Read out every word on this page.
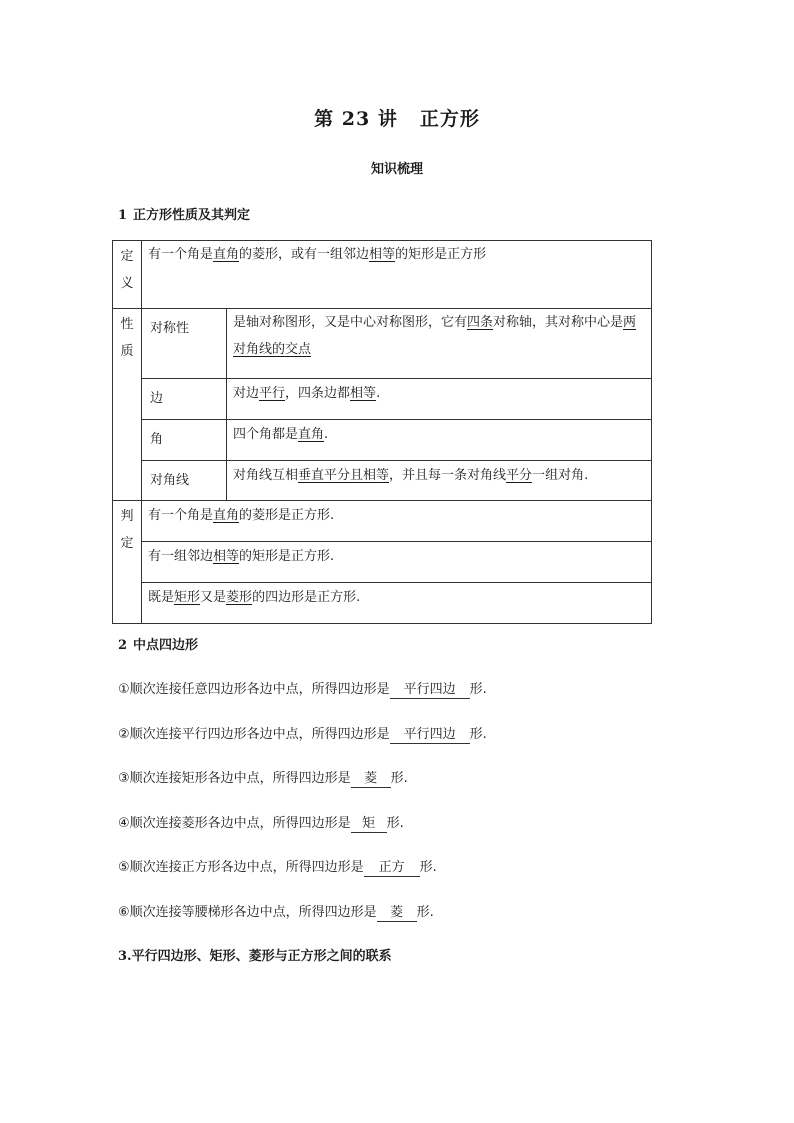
第 23 讲 正方形
知识梳理
1 正方形性质及其判定
定
义	有一个角是直角的菱形，或有一组邻边相等的矩形是正方形	

性
质	对称性	是轴对称图形，又是中心对称图形，它有四条对称轴，其对称中心是两对角线的交点
	边	对边平行，四条边都相等.
	角	四个角都是直角.
	对角线	对角线互相垂直平分且相等，并且每一条对角线平分一组对角.

判
定	有一个角是直角的菱形是正方形.	
	有一组邻边相等的矩形是正方形.	
	既是矩形又是菱形的四边形是正方形.	
2 中点四边形
①顺次连接任意四边形各边中点，所得四边形是 平行四边 形.
②顺次连接平行四边形各边中点，所得四边形是 平行四边 形.
③顺次连接矩形各边中点，所得四边形是 菱 形.
④顺次连接菱形各边中点，所得四边形是 矩 形.
⑤顺次连接正方形各边中点，所得四边形是 正方 形.
⑥顺次连接等腰梯形各边中点，所得四边形是 菱 形.
3.平行四边形、矩形、菱形与正方形之间的联系
